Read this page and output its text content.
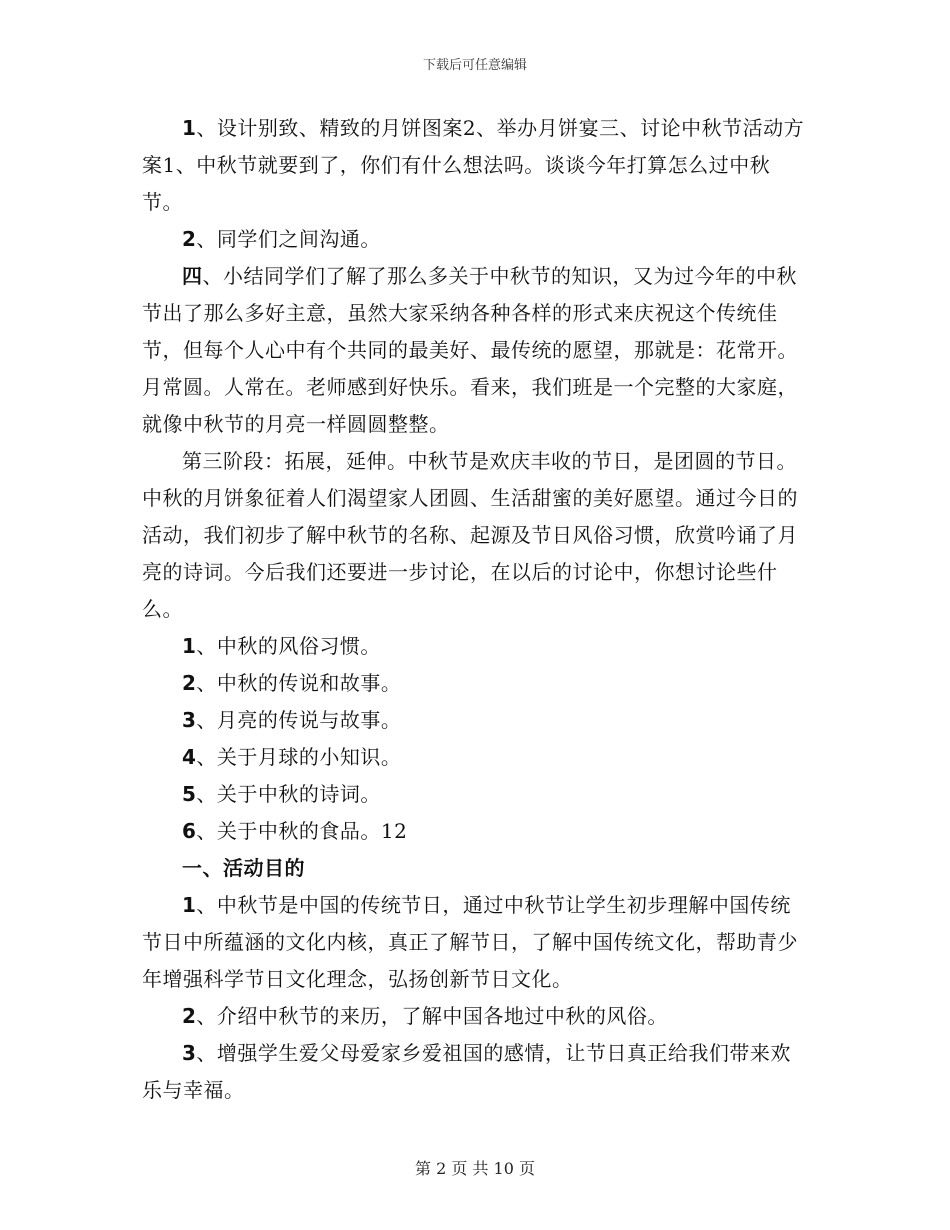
下载后可任意编辑

1、设计别致、精致的月饼图案2、举办月饼宴三、讨论中秋节活动方案1、中秋节就要到了，你们有什么想法吗。谈谈今年打算怎么过中秋节。

2、同学们之间沟通。

四、小结同学们了解了那么多关于中秋节的知识，又为过今年的中秋节出了那么多好主意，虽然大家采纳各种各样的形式来庆祝这个传统佳节，但每个人心中有个共同的最美好、最传统的愿望，那就是：花常开。月常圆。人常在。老师感到好快乐。看来，我们班是一个完整的大家庭，就像中秋节的月亮一样圆圆整整。

第三阶段：拓展，延伸。中秋节是欢庆丰收的节日，是团圆的节日。中秋的月饼象征着人们渴望家人团圆、生活甜蜜的美好愿望。通过今日的活动，我们初步了解中秋节的名称、起源及节日风俗习惯，欣赏吟诵了月亮的诗词。今后我们还要进一步讨论，在以后的讨论中，你想讨论些什么。

1、中秋的风俗习惯。

2、中秋的传说和故事。

3、月亮的传说与故事。

4、关于月球的小知识。

5、关于中秋的诗词。

6、关于中秋的食品。12

一、活动目的

1、中秋节是中国的传统节日，通过中秋节让学生初步理解中国传统节日中所蕴涵的文化内核，真正了解节日，了解中国传统文化，帮助青少年增强科学节日文化理念，弘扬创新节日文化。

2、介绍中秋节的来历，了解中国各地过中秋的风俗。

3、增强学生爱父母爱家乡爱祖国的感情，让节日真正给我们带来欢乐与幸福。

第 2 页 共 10 页
